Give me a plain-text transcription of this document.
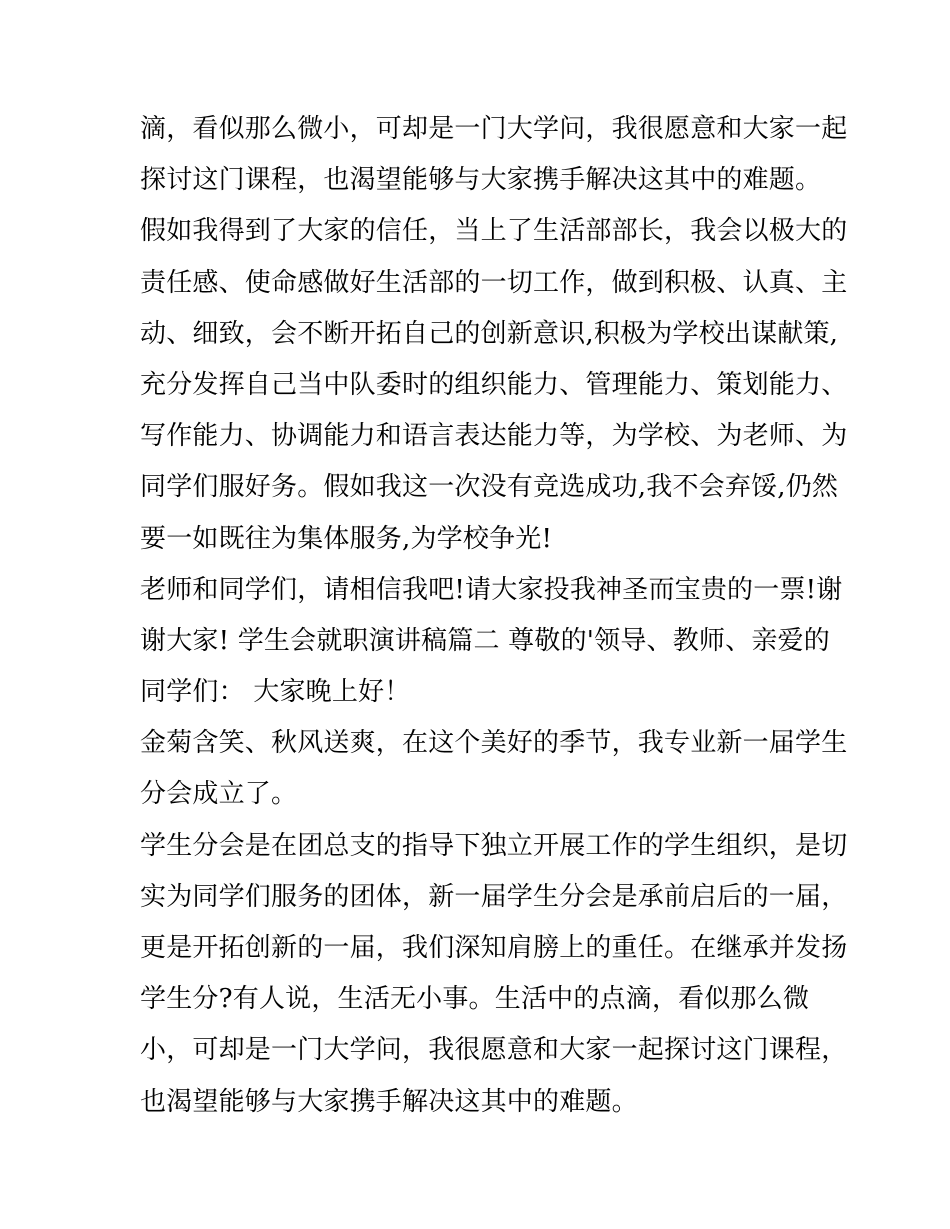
滴，看似那么微小，可却是一门大学问，我很愿意和大家一起
探讨这门课程，也渴望能够与大家携手解决这其中的难题。
假如我得到了大家的信任，当上了生活部部长，我会以极大的
责任感、使命感做好生活部的一切工作，做到积极、认真、主
动、细致，会不断开拓自己的创新意识,积极为学校出谋献策,
充分发挥自己当中队委时的组织能力、管理能力、策划能力、
写作能力、协调能力和语言表达能力等，为学校、为老师、为
同学们服好务。假如我这一次没有竞选成功,我不会弃馁,仍然
要一如既往为集体服务,为学校争光!
老师和同学们，请相信我吧!请大家投我神圣而宝贵的一票!谢
谢大家! 学生会就职演讲稿篇二 尊敬的'领导、教师、亲爱的
同学们： 大家晚上好！
金菊含笑、秋风送爽，在这个美好的季节，我专业新一届学生
分会成立了。
学生分会是在团总支的指导下独立开展工作的学生组织，是切
实为同学们服务的团体，新一届学生分会是承前启后的一届，
更是开拓创新的一届，我们深知肩膀上的重任。在继承并发扬
学生分?有人说，生活无小事。生活中的点滴，看似那么微
小，可却是一门大学问，我很愿意和大家一起探讨这门课程，
也渴望能够与大家携手解决这其中的难题。
